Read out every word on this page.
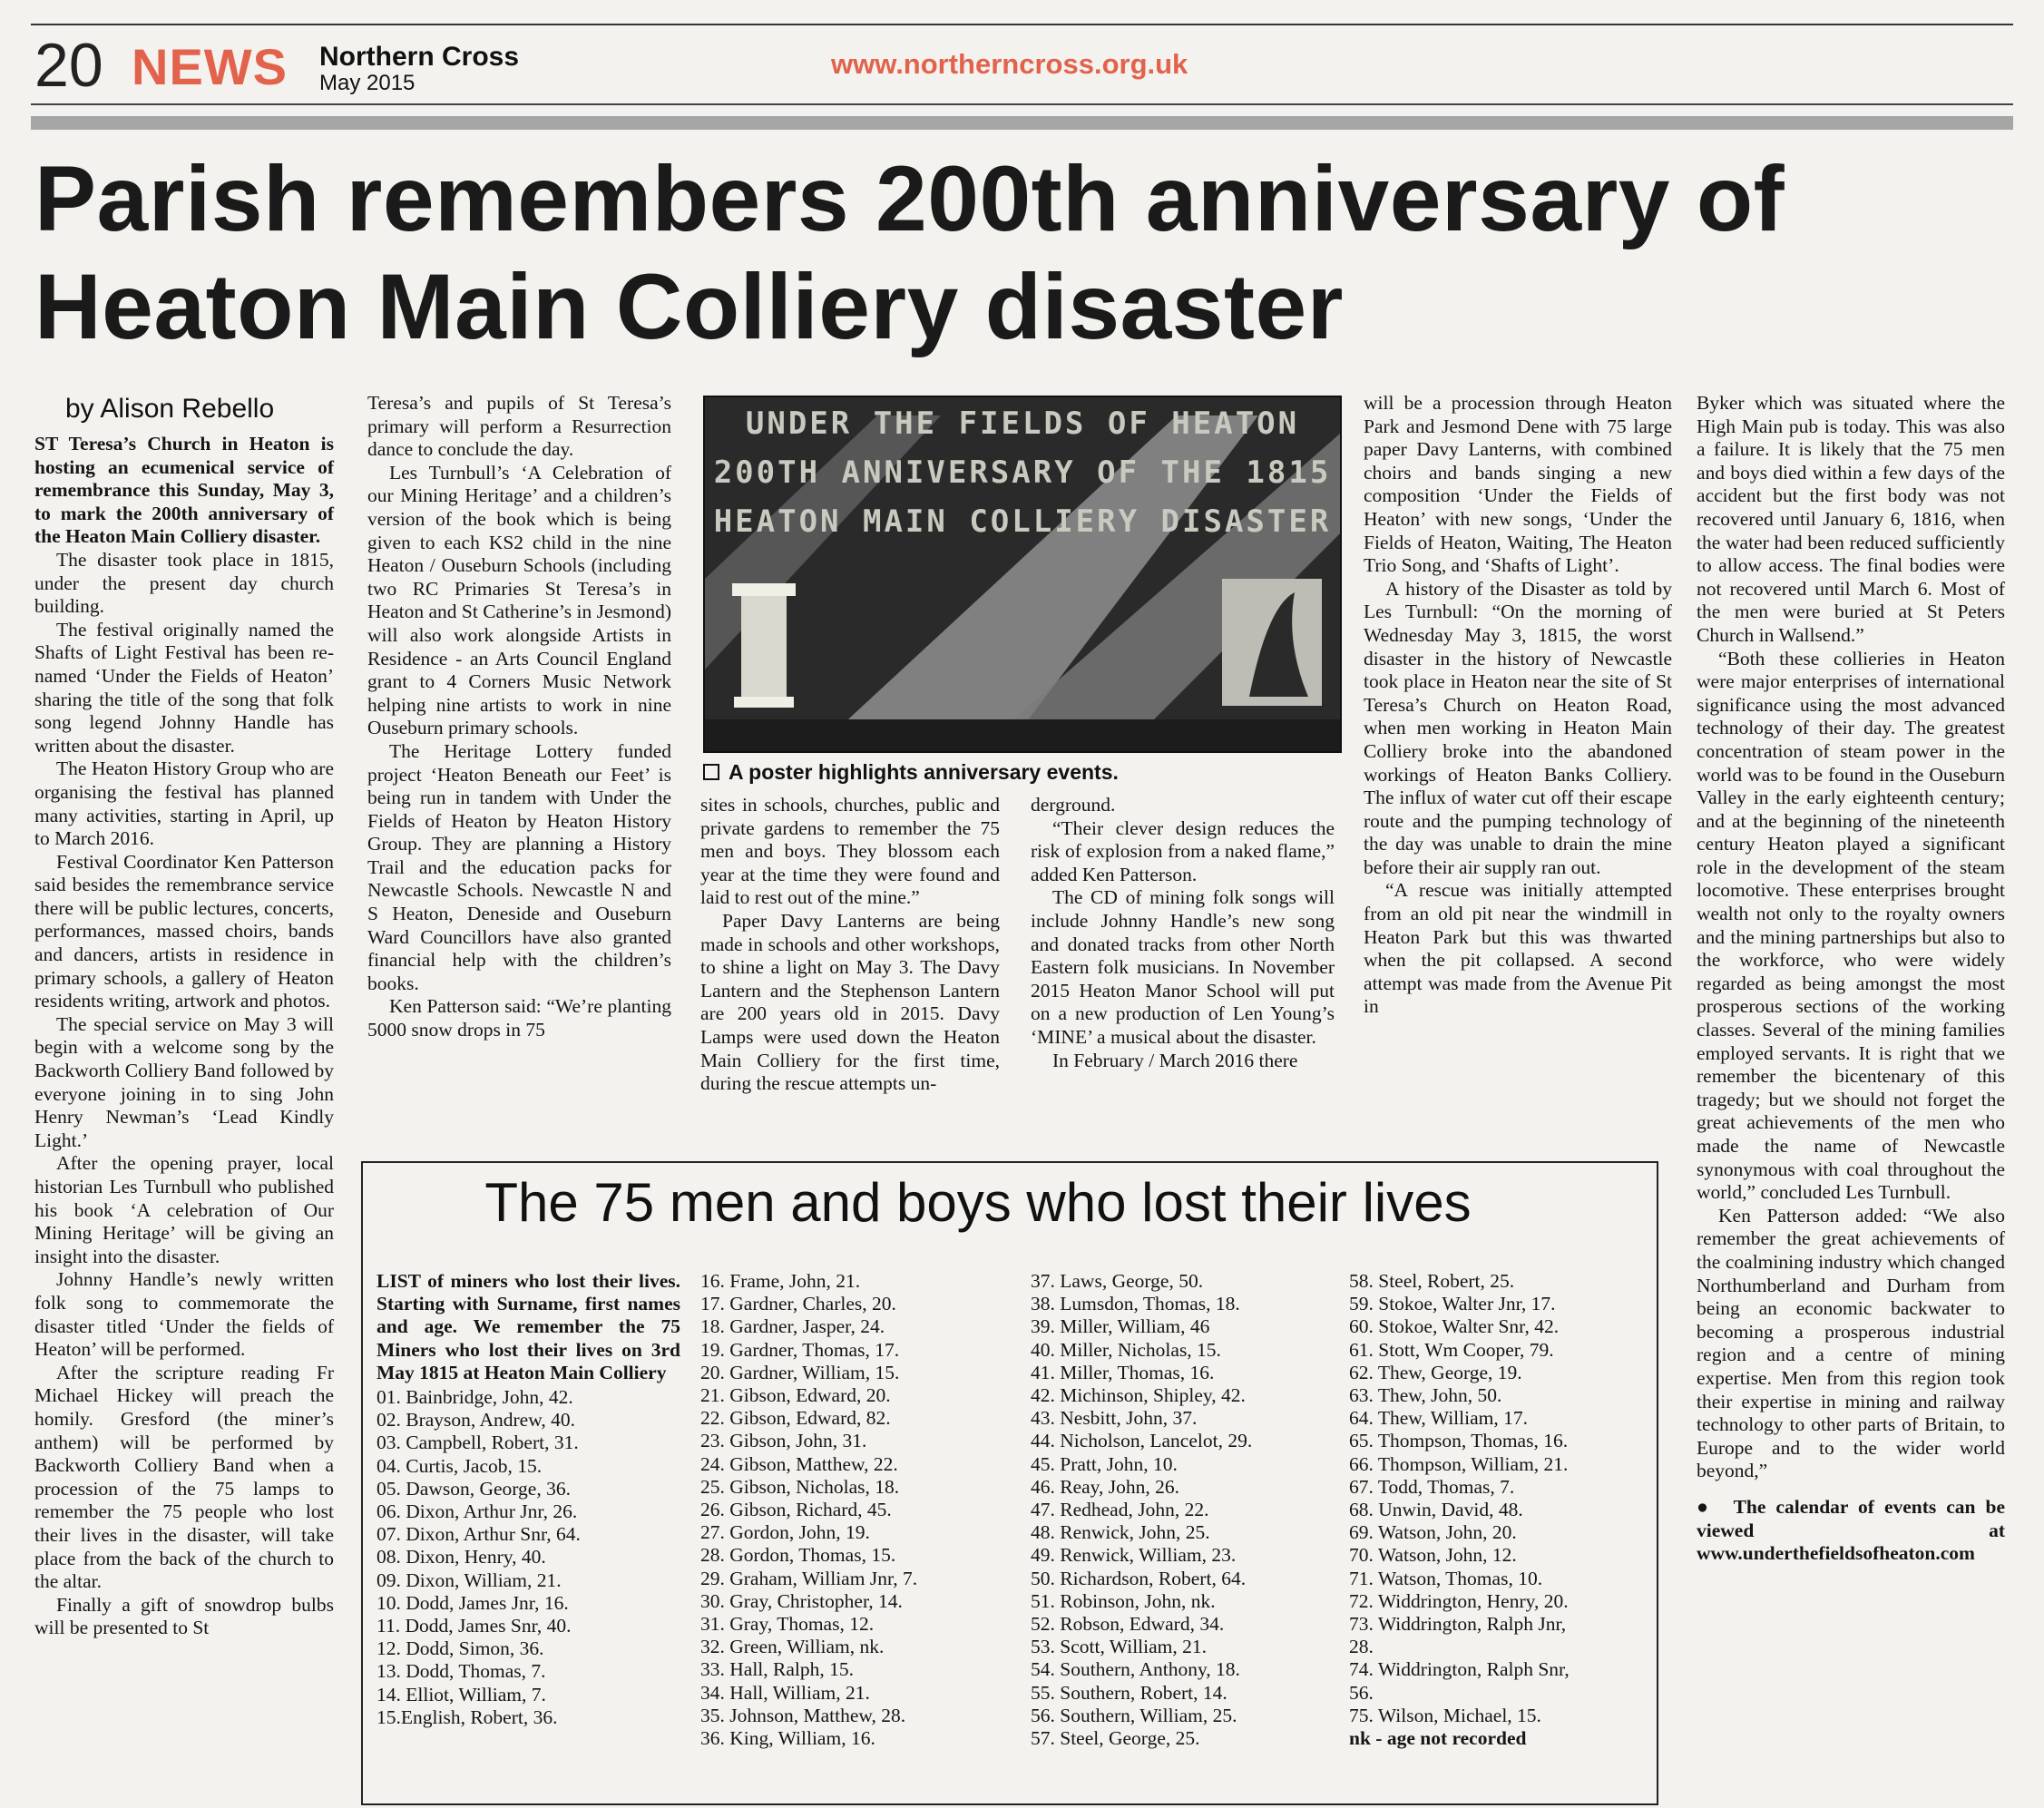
20 NEWS Northern Cross
May 2015
www.northerncross.org.uk
Parish remembers 200th anniversary of Heaton Main Colliery disaster
by Alison Rebello

ST Teresa’s Church in Heaton is hosting an ecumenical service of remembrance this Sunday, May 3, to mark the 200th anniversary of the Heaton Main Colliery disaster.

The disaster took place in 1815, under the present day church building.

The festival originally named the Shafts of Light Festival has been re-named ‘Under the Fields of Heaton’ sharing the title of the song that folk song legend Johnny Handle has written about the disaster.

The Heaton History Group who are organising the festival has planned many activities, starting in April, up to March 2016.

Festival Coordinator Ken Patterson said besides the remembrance service there will be public lectures, concerts, performances, massed choirs, bands and dancers, artists in residence in primary schools, a gallery of Heaton residents writing, artwork and photos.

The special service on May 3 will begin with a welcome song by the Backworth Colliery Band followed by everyone joining in to sing John Henry Newman’s ‘Lead Kindly Light.’

After the opening prayer, local historian Les Turnbull who published his book ‘A celebration of Our Mining Heritage’ will be giving an insight into the disaster.

Johnny Handle’s newly written folk song to commemorate the disaster titled ‘Under the fields of Heaton’ will be performed.

After the scripture reading Fr Michael Hickey will preach the homily. Gresford (the miner’s anthem) will be performed by Backworth Colliery Band when a procession of the 75 lamps to remember the 75 people who lost their lives in the disaster, will take place from the back of the church to the altar.

Finally a gift of snowdrop bulbs will be presented to St

Teresa’s and pupils of St Teresa’s primary will perform a Resurrection dance to conclude the day.

Les Turnbull’s ‘A Celebration of our Mining Heritage’ and a children’s version of the book which is being given to each KS2 child in the nine Heaton / Ouseburn Schools (including two RC Primaries St Teresa’s in Heaton and St Catherine’s in Jesmond) will also work alongside Artists in Residence - an Arts Council England grant to 4 Corners Music Network helping nine artists to work in nine Ouseburn primary schools.

The Heritage Lottery funded project ‘Heaton Beneath our Feet’ is being run in tandem with Under the Fields of Heaton by Heaton History Group. They are planning a History Trail and the education packs for Newcastle Schools. Newcastle N and S Heaton, Deneside and Ouseburn Ward Councillors have also granted financial help with the children’s books.

Ken Patterson said: “We’re planting 5000 snow drops in 75

UNDER THE FIELDS OF HEATON
200TH ANNIVERSARY OF THE 1815
HEATON MAIN COLLIERY DISASTER
A poster highlights anniversary events.

sites in schools, churches, public and private gardens to remember the 75 men and boys. They blossom each year at the time they were found and laid to rest out of the mine.”

Paper Davy Lanterns are being made in schools and other workshops, to shine a light on May 3. The Davy Lantern and the Stephenson Lantern are 200 years old in 2015. Davy Lamps were used down the Heaton Main Colliery for the first time, during the rescue attempts un-

derground.

“Their clever design reduces the risk of explosion from a naked flame,” added Ken Patterson.

The CD of mining folk songs will include Johnny Handle’s new song and donated tracks from other North Eastern folk musicians. In November 2015 Heaton Manor School will put on a new production of Len Young’s ‘MINE’ a musical about the disaster.

In February / March 2016 there

will be a procession through Heaton Park and Jesmond Dene with 75 large paper Davy Lanterns, with combined choirs and bands singing a new composition ‘Under the Fields of Heaton’ with new songs, ‘Under the Fields of Heaton, Waiting, The Heaton Trio Song, and ‘Shafts of Light’.

A history of the Disaster as told by Les Turnbull: “On the morning of Wednesday May 3, 1815, the worst disaster in the history of Newcastle took place in Heaton near the site of St Teresa’s Church on Heaton Road, when men working in Heaton Main Colliery broke into the abandoned workings of Heaton Banks Colliery. The influx of water cut off their escape route and the pumping technology of the day was unable to drain the mine before their air supply ran out.

“A rescue was initially attempted from an old pit near the windmill in Heaton Park but this was thwarted when the pit collapsed. A second attempt was made from the Avenue Pit in

Byker which was situated where the High Main pub is today. This was also a failure. It is likely that the 75 men and boys died within a few days of the accident but the first body was not recovered until January 6, 1816, when the water had been reduced sufficiently to allow access. The final bodies were not recovered until March 6. Most of the men were buried at St Peters Church in Wallsend.”

“Both these collieries in Heaton were major enterprises of international significance using the most advanced technology of their day. The greatest concentration of steam power in the world was to be found in the Ouseburn Valley in the early eighteenth century; and at the beginning of the nineteenth century Heaton played a significant role in the development of the steam locomotive. These enterprises brought wealth not only to the royalty owners and the mining partnerships but also to the workforce, who were widely regarded as being amongst the most prosperous sections of the working classes. Several of the mining families employed servants. It is right that we remember the bicentenary of this tragedy; but we should not forget the great achievements of the men who made the name of Newcastle synonymous with coal throughout the world,” concluded Les Turnbull.

Ken Patterson added: “We also remember the great achievements of the coalmining industry which changed Northumberland and Durham from being an economic backwater to becoming a prosperous industrial region and a centre of mining expertise. Men from this region took their expertise in mining and railway technology to other parts of Britain, to Europe and to the wider world beyond,”

●  The calendar of events can be viewed at www.underthefieldsofheaton.com

The 75 men and boys who lost their lives
LIST of miners who lost their lives. Starting with Surname, first names and age. We remember the 75 Miners who lost their lives on 3rd May 1815 at Heaton Main Colliery
01. Bainbridge, John, 42.
02. Brayson, Andrew, 40.
03. Campbell, Robert, 31.
04. Curtis, Jacob, 15.
05. Dawson, George, 36.
06. Dixon, Arthur Jnr, 26.
07. Dixon, Arthur Snr, 64.
08. Dixon, Henry, 40.
09. Dixon, William, 21.
10. Dodd, James Jnr, 16.
11. Dodd, James Snr, 40.
12. Dodd, Simon, 36.
13. Dodd, Thomas, 7.
14. Elliot, William, 7.
15.English, Robert, 36.
16. Frame, John, 21.
17. Gardner, Charles, 20.
18. Gardner, Jasper, 24.
19. Gardner, Thomas, 17.
20. Gardner, William, 15.
21. Gibson, Edward, 20.
22. Gibson, Edward, 82.
23. Gibson, John, 31.
24. Gibson, Matthew, 22.
25. Gibson, Nicholas, 18.
26. Gibson, Richard, 45.
27. Gordon, John, 19.
28. Gordon, Thomas, 15.
29. Graham, William Jnr, 7.
30. Gray, Christopher, 14.
31. Gray, Thomas, 12.
32. Green, William, nk.
33. Hall, Ralph, 15.
34. Hall, William, 21.
35. Johnson, Matthew, 28.
36. King, William, 16.
37. Laws, George, 50.
38. Lumsdon, Thomas, 18.
39. Miller, William, 46
40. Miller, Nicholas, 15.
41. Miller, Thomas, 16.
42. Michinson, Shipley, 42.
43. Nesbitt, John, 37.
44. Nicholson, Lancelot, 29.
45. Pratt, John, 10.
46. Reay, John, 26.
47. Redhead, John, 22.
48. Renwick, John, 25.
49. Renwick, William, 23.
50. Richardson, Robert, 64.
51. Robinson, John, nk.
52. Robson, Edward, 34.
53. Scott, William, 21.
54. Southern, Anthony, 18.
55. Southern, Robert, 14.
56. Southern, William, 25.
57. Steel, George, 25.
58. Steel, Robert, 25.
59. Stokoe, Walter Jnr, 17.
60. Stokoe, Walter Snr, 42.
61. Stott, Wm Cooper, 79.
62. Thew, George, 19.
63. Thew, John, 50.
64. Thew, William, 17.
65. Thompson, Thomas, 16.
66. Thompson, William, 21.
67. Todd, Thomas, 7.
68. Unwin, David, 48.
69. Watson, John, 20.
70. Watson, John, 12.
71. Watson, Thomas, 10.
72. Widdrington, Henry, 20.
73. Widdrington, Ralph Jnr,
28.
74. Widdrington, Ralph Snr,
56.
75. Wilson, Michael, 15.
nk - age not recorded
